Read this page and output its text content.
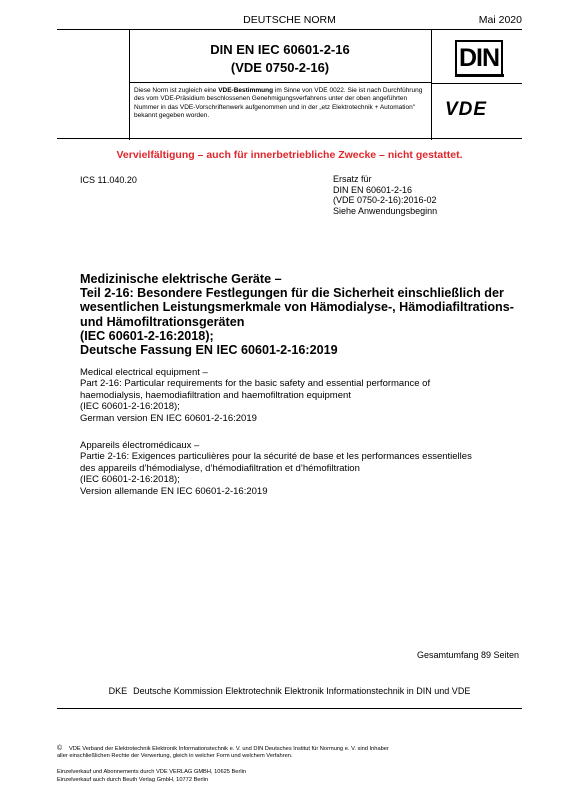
DEUTSCHE NORM	Mai 2020
DIN EN IEC 60601-2-16
(VDE 0750-2-16)	DIN
Diese Norm ist zugleich eine VDE-Bestimmung im Sinne von VDE 0022. Sie ist nach Durchführung des vom VDE-Präsidium beschlossenen Genehmigungsverfahrens unter der oben angeführten Nummer in das VDE-Vorschriftenwerk aufgenommen und in der „etz Elektrotechnik + Automation" bekannt gegeben worden.	VDE
Vervielfältigung – auch für innerbetriebliche Zwecke – nicht gestattet.
ICS 11.040.20	Ersatz für
DIN EN 60601-2-16
(VDE 0750-2-16):2016-02
Siehe Anwendungsbeginn
Medizinische elektrische Geräte –
Teil 2-16: Besondere Festlegungen für die Sicherheit einschließlich der
wesentlichen Leistungsmerkmale von Hämodialyse-, Hämodiafiltrations-
und Hämofiltrationsgeräten
(IEC 60601-2-16:2018);
Deutsche Fassung EN IEC 60601-2-16:2019
Medical electrical equipment –
Part 2-16: Particular requirements for the basic safety and essential performance of
haemodialysis, haemodiafiltration and haemofiltration equipment
(IEC 60601-2-16:2018);
German version EN IEC 60601-2-16:2019
Appareils électromédicaux –
Partie 2-16: Exigences particulières pour la sécurité de base et les performances essentielles
des appareils d’hémodialyse, d’hémodiafiltration et d’hémofiltration
(IEC 60601-2-16:2018);
Version allemande EN IEC 60601-2-16:2019
Gesamtumfang 89 Seiten
DKE Deutsche Kommission Elektrotechnik Elektronik Informationstechnik in DIN und VDE
© VDE Verband der Elektrotechnik Elektronik Informationstechnik e. V. und DIN Deutsches Institut für Normung e. V. sind Inhaber
aller einschließlichen Rechte der Verwertung, gleich in welcher Form und welchem Verfahren.
Einzelverkauf und Abonnements durch VDE VERLAG GMBH, 10625 Berlin
Einzelverkauf auch durch Beuth Verlag GmbH, 10772 Berlin
